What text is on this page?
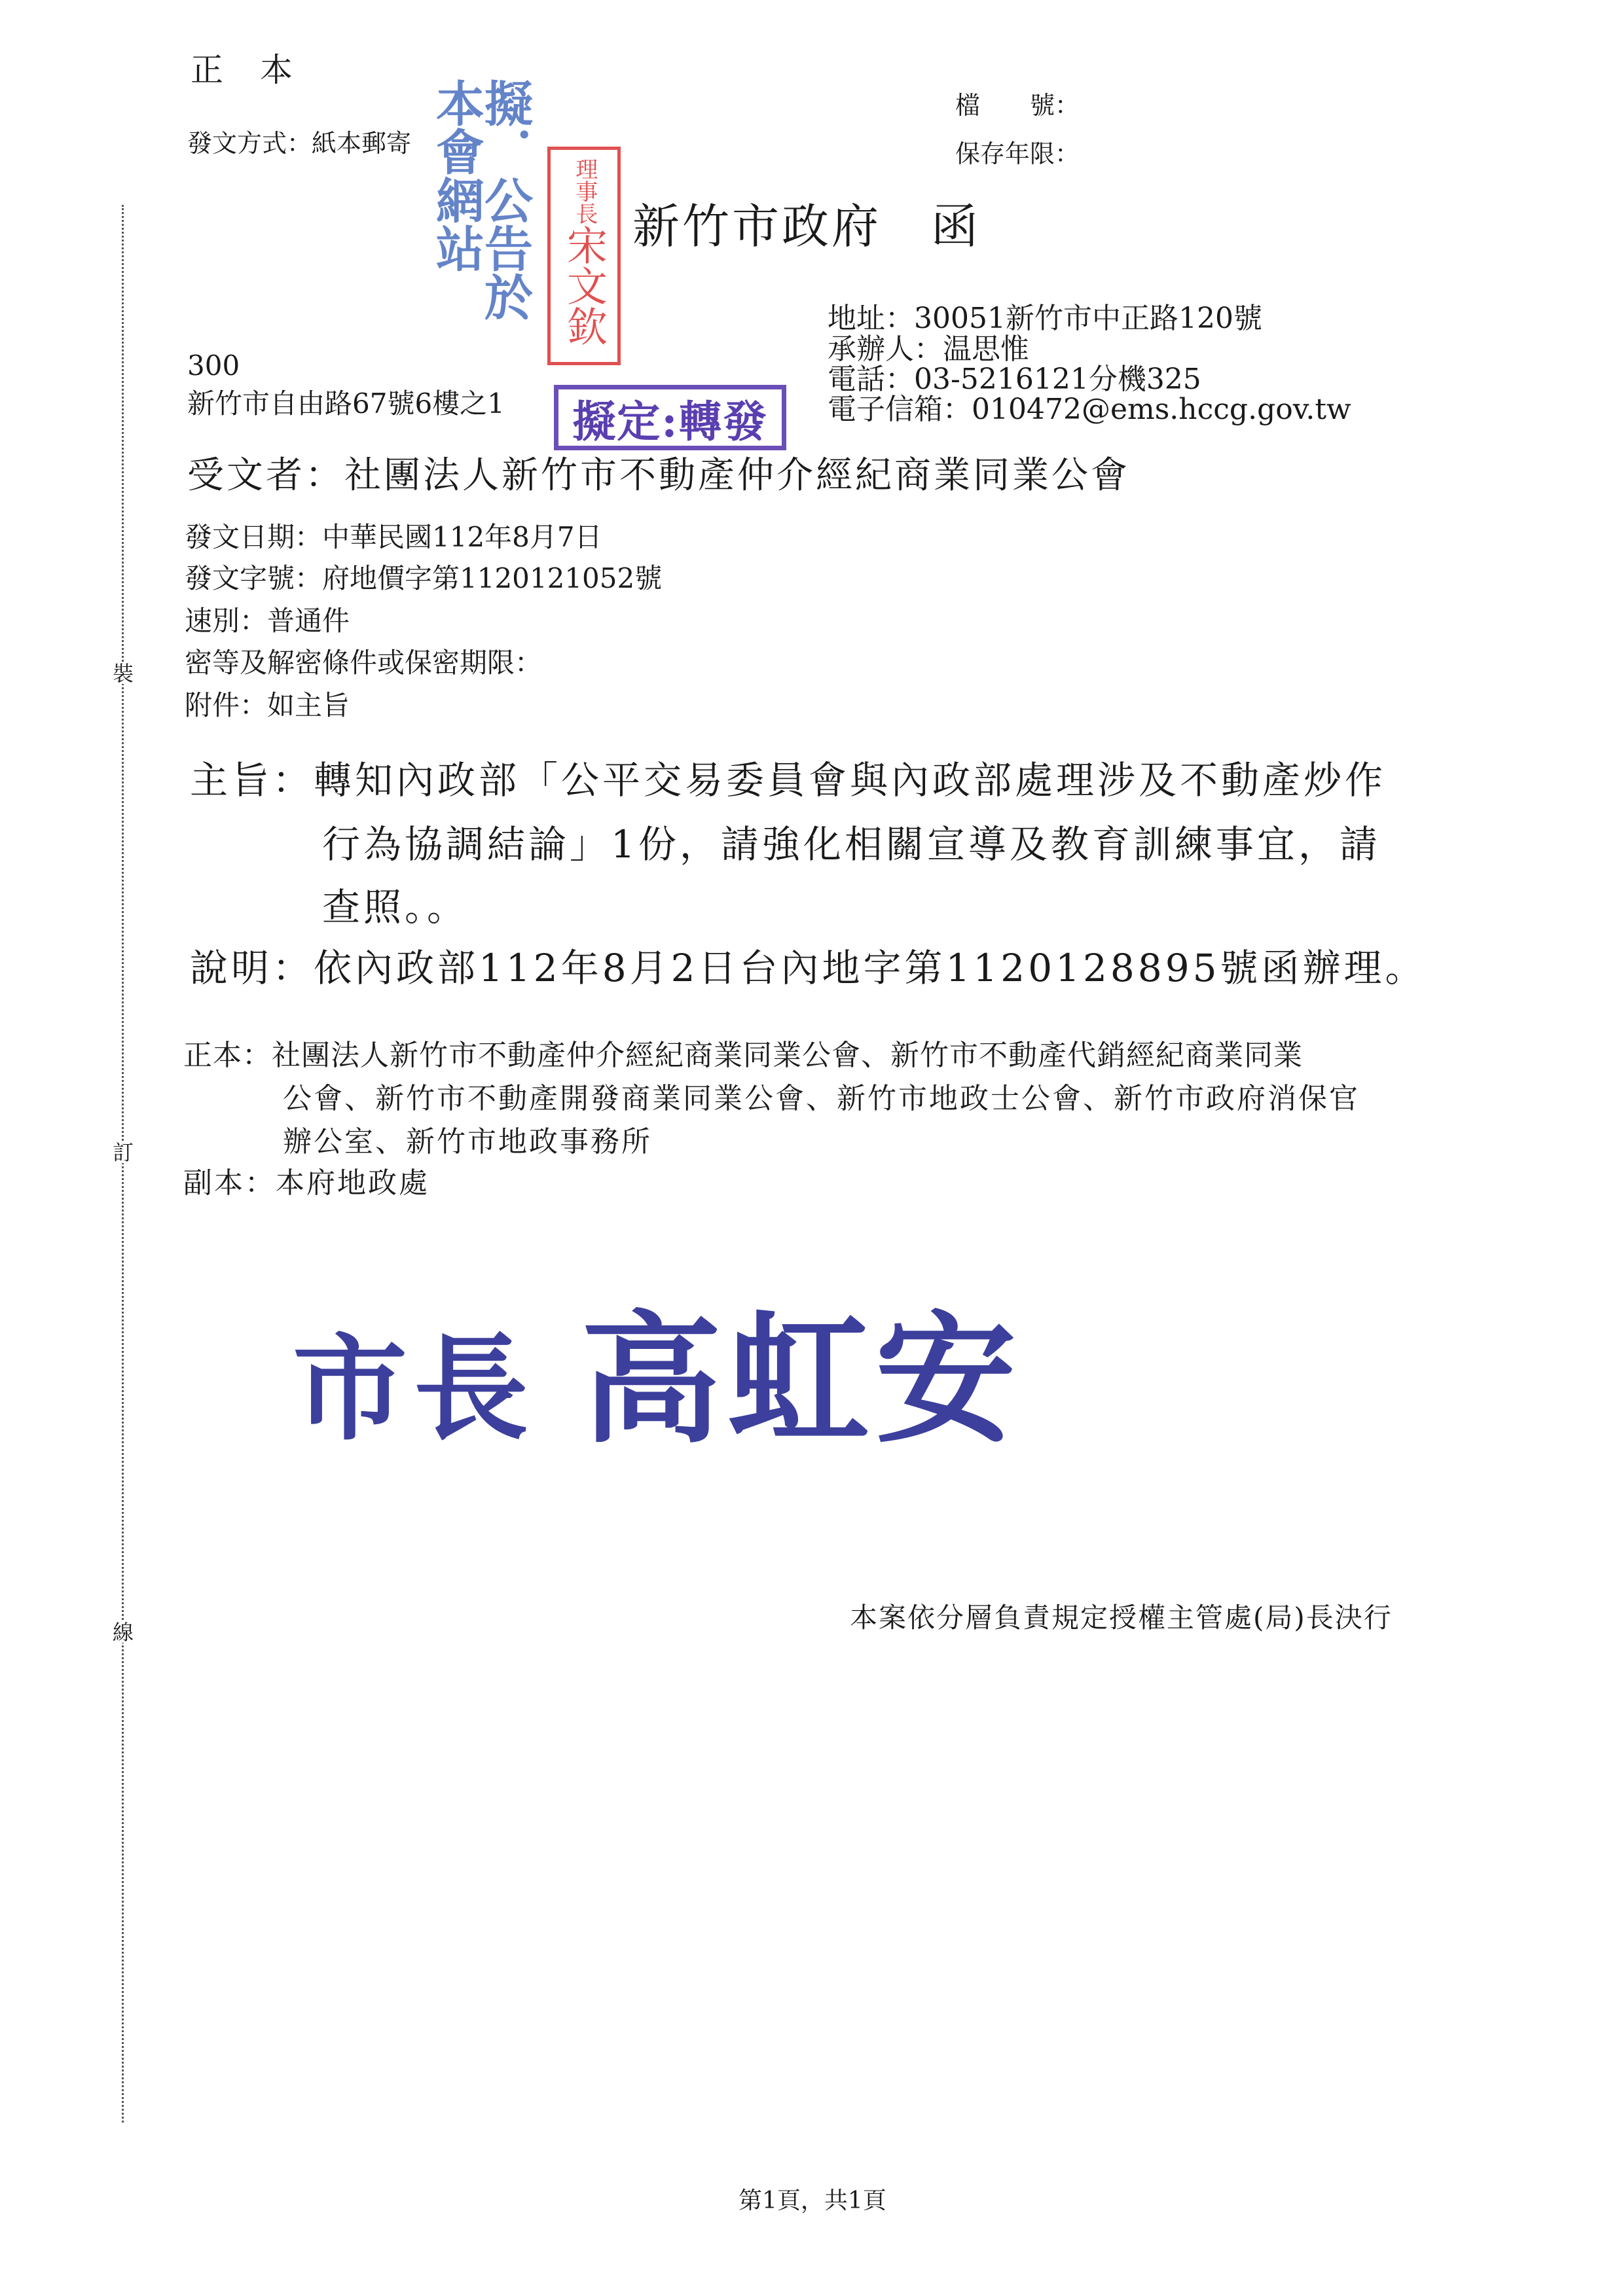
裝
訂
線
正 本
發文方式：紙本郵寄
檔　　號：
保存年限：
擬．公告於本會網站	理事長
宋文欽 新竹市政府　函
地址：30051新竹市中正路120號
承辦人：温思惟
電話：03-5216121分機325
電子信箱：010472@ems.hccg.gov.tw
300
新竹市自由路67號6樓之1	擬定:轉發
受文者：社團法人新竹市不動產仲介經紀商業同業公會
發文日期：中華民國112年8月7日
發文字號：府地價字第1120121052號
速別：普通件
密等及解密條件或保密期限：
附件：如主旨
主旨：轉知內政部「公平交易委員會與內政部處理涉及不動產炒作
行為協調結論」1份，請強化相關宣導及教育訓練事宜，請
查照。。
說明：依內政部112年8月2日台內地字第1120128895號函辦理。
正本：社團法人新竹市不動產仲介經紀商業同業公會、新竹市不動產代銷經紀商業同業
公會、新竹市不動產開發商業同業公會、新竹市地政士公會、新竹市政府消保官
辦公室、新竹市地政事務所
副本：本府地政處
市長 高虹安
本案依分層負責規定授權主管處(局)長決行
第1頁，共1頁
